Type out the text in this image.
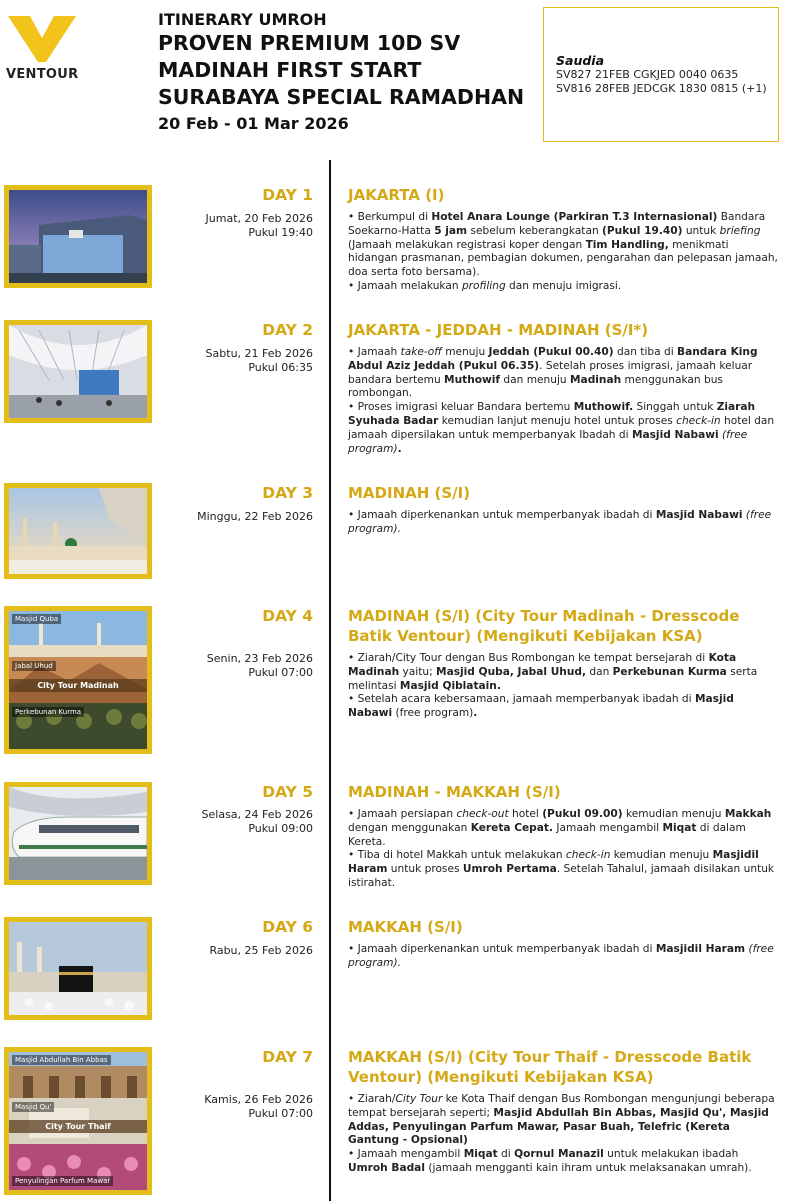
VENTOUR
ITINERARY UMROH
PROVEN PREMIUM 10D SV
MADINAH FIRST START
SURABAYA SPECIAL RAMADHAN
20 Feb - 01 Mar 2026
Saudia
SV827 21FEB CGKJED 0040 0635
SV816 28FEB JEDCGK 1830 0815 (+1)
DAY 1
Jumat, 20 Feb 2026
Pukul 19:40
JAKARTA (I)

• Berkumpul di Hotel Anara Lounge (Parkiran T.3 Internasional) Bandara Soekarno-Hatta 5 jam sebelum keberangkatan (Pukul 19.40) untuk briefing (Jamaah melakukan registrasi koper dengan Tim Handling, menikmati hidangan prasmanan, pembagian dokumen, pengarahan dan pelepasan jamaah, doa serta foto bersama).

• Jamaah melakukan profiling dan menuju imigrasi.

DAY 2
Sabtu, 21 Feb 2026
Pukul 06:35
JAKARTA - JEDDAH - MADINAH (S/I*)

• Jamaah take-off menuju Jeddah (Pukul 00.40) dan tiba di Bandara King Abdul Aziz Jeddah (Pukul 06.35). Setelah proses imigrasi, jamaah keluar bandara bertemu Muthowif dan menuju Madinah menggunakan bus rombongan.

• Proses imigrasi keluar Bandara bertemu Muthowif. Singgah untuk Ziarah Syuhada Badar kemudian lanjut menuju hotel untuk proses check-in hotel dan jamaah dipersilakan untuk memperbanyak Ibadah di Masjid Nabawi (free program).

DAY 3
Minggu, 22 Feb 2026
MADINAH (S/I)

• Jamaah diperkenankan untuk memperbanyak ibadah di Masjid Nabawi (free program).

Masjid Quba
Jabal Uhud
City Tour Madinah
Perkebunan Kurma
DAY 4
Senin, 23 Feb 2026
Pukul 07:00
MADINAH (S/I) (City Tour Madinah - Dresscode Batik Ventour) (Mengikuti Kebijakan KSA)

• Ziarah/City Tour dengan Bus Rombongan ke tempat bersejarah di Kota Madinah yaitu; Masjid Quba, Jabal Uhud, dan Perkebunan Kurma serta melintasi Masjid Qiblatain.

• Setelah acara kebersamaan, jamaah memperbanyak ibadah di Masjid Nabawi (free program).

DAY 5
Selasa, 24 Feb 2026
Pukul 09:00
MADINAH - MAKKAH (S/I)

• Jamaah persiapan check-out hotel (Pukul 09.00) kemudian menuju Makkah dengan menggunakan Kereta Cepat. Jamaah mengambil Miqat di dalam Kereta.

• Tiba di hotel Makkah untuk melakukan check-in kemudian menuju Masjidil Haram untuk proses Umroh Pertama. Setelah Tahalul, jamaah disilakan untuk istirahat.

DAY 6
Rabu, 25 Feb 2026
MAKKAH (S/I)

• Jamaah diperkenankan untuk memperbanyak ibadah di Masjidil Haram (free program).

Masjid Abdullah Bin Abbas
Masjid Qu'
City Tour Thaif
Penyulingan Parfum Mawar
DAY 7
Kamis, 26 Feb 2026
Pukul 07:00
MAKKAH (S/I) (City Tour Thaif - Dresscode Batik Ventour) (Mengikuti Kebijakan KSA)

• Ziarah/City Tour ke Kota Thaif dengan Bus Rombongan mengunjungi beberapa tempat bersejarah seperti; Masjid Abdullah Bin Abbas, Masjid Qu', Masjid Addas, Penyulingan Parfum Mawar, Pasar Buah, Telefric (Kereta Gantung - Opsional)

• Jamaah mengambil Miqat di Qornul Manazil untuk melakukan ibadah Umroh Badal (jamaah mengganti kain ihram untuk melaksanakan umrah).
